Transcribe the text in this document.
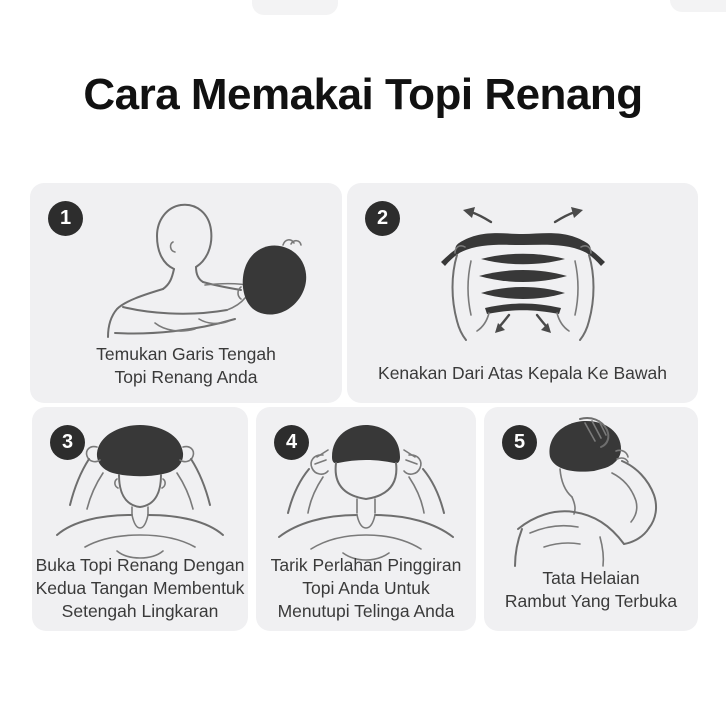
Cara Memakai Topi Renang
1
Temukan Garis Tengah
Topi Renang Anda
2
Kenakan Dari Atas Kepala Ke Bawah
3
Buka Topi Renang Dengan
Kedua Tangan Membentuk
Setengah Lingkaran
4
Tarik Perlahan Pinggiran
Topi Anda Untuk
Menutupi Telinga Anda
5
Tata Helaian
Rambut Yang Terbuka
